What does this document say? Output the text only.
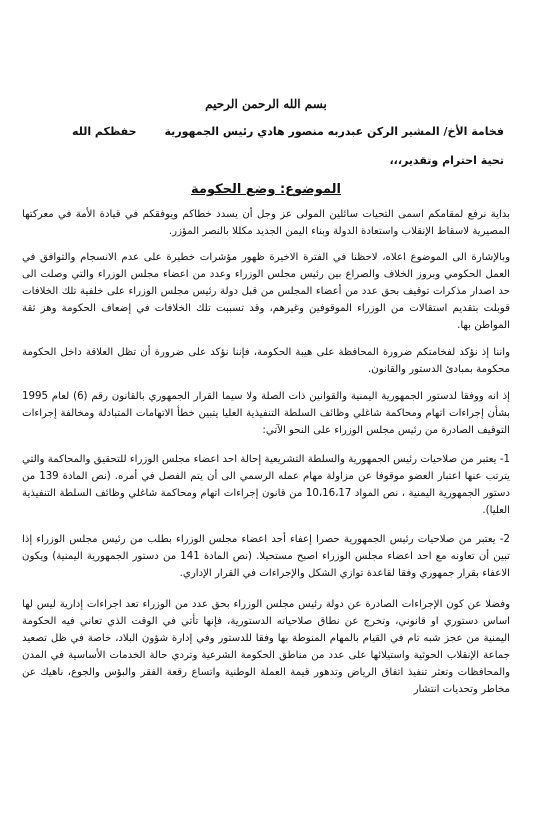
بسم الله الرحمن الرحيم

فخامة الأخ/ المشير الركن عبدربه منصور هادي رئيس الجمهورية
حفظكم الله
تحية احترام وتقدير،،،
الموضوع: وضع الحكومة

بداية نرفع لمقامكم اسمى التحيات سائلين المولى عز وجل أن يسدد خطاكم ويوفقكم في قيادة الأمة في معركتها المصيرية لاسقاط الإنقلاب واستعادة الدولة وبناء اليمن الجديد مكللا بالنصر المؤزر.

وبالإشارة الى الموضوع اعلاه، لاحظنا في الفترة الاخيرة ظهور مؤشرات خطيرة على عدم الانسجام والتوافق في العمل الحكومي وبروز الخلاف والصراع بين رئيس مجلس الوزراء وعدد من اعضاء مجلس الوزراء والتي وصلت الى حد اصدار مذكرات توقيف بحق عدد من أعضاء المجلس من قبل دولة رئيس مجلس الوزراء على خلفية تلك الخلافات قوبلت بتقديم استقالات من الوزراء الموقوفين وغيرهم، وقد تسببت تلك الخلافات في إضعاف الحكومة وهز ثقة المواطن بها.

واننا إذ نؤكد لفخامتكم ضرورة المحافظة على هيبة الحكومة، فإننا نؤكد على ضرورة أن تظل العلاقة داخل الحكومة محكومة بمبادئ الدستور والقانون.

إذ انه ووفقا لدستور الجمهورية اليمنية والقوانين ذات الصلة ولا سيما القرار الجمهوري بالقانون رقم (6) لعام 1995 بشأن إجراءات اتهام ومحاكمة شاغلي وظائف السلطة التنفيذية العليا يتبين خطأ الاتهامات المتبادلة ومخالفة إجراءات التوقيف الصادرة من رئيس مجلس الوزراء على النحو الآتي:

1- يعتبر من صلاحيات رئيس الجمهورية والسلطة التشريعية إحالة احد اعضاء مجلس الوزراء للتحقيق والمحاكمة والتي يترتب عنها اعتبار العضو موقوفا عن مزاولة مهام عمله الرسمي الى أن يتم الفصل في أمره. (نص المادة 139 من دستور الجمهورية اليمنية ، نص المواد 10،16،17 من قانون إجراءات اتهام ومحاكمة شاغلي وظائف السلطة التنفيذية العليا).

2- يعتبر من صلاحيات رئيس الجمهورية حصرا إعفاء أحد اعضاء مجلس الوزراء بطلب من رئيس مجلس الوزراء إذا تبين أن تعاونه مع احد اعضاء مجلس الوزراء اصبح مستحيلا. (نص المادة 141 من دستور الجمهورية اليمنية) ويكون الاعفاء بقرار جمهوري وفقا لقاعدة توازي الشكل والإجراءات في القرار الإداري.

وفضلا عن كون الإجراءات الصادرة عن دولة رئيس مجلس الوزراء بحق عدد من الوزراء تعد اجراءات إدارية ليس لها اساس دستوري او قانوني، وتخرج عن نطاق صلاحياته الدستورية، فإنها تأتي في الوقت الذي تعاني فيه الحكومة اليمنية من عجز شبه تام في القيام بالمهام المنوطة بها وفقا للدستور وفي إدارة شؤون البلاد، خاصة في ظل تصعيد جماعة الإنقلاب الحوثية واستيلائها على عدد من مناطق الحكومة الشرعية وتردي حالة الخدمات الأساسية في المدن والمحافظات وتعثر تنفيذ اتفاق الرياض وتدهور قيمة العملة الوطنية واتساع رقعة الفقر والبؤس والجوع، ناهيك عن مخاطر وتحديات انتشار
